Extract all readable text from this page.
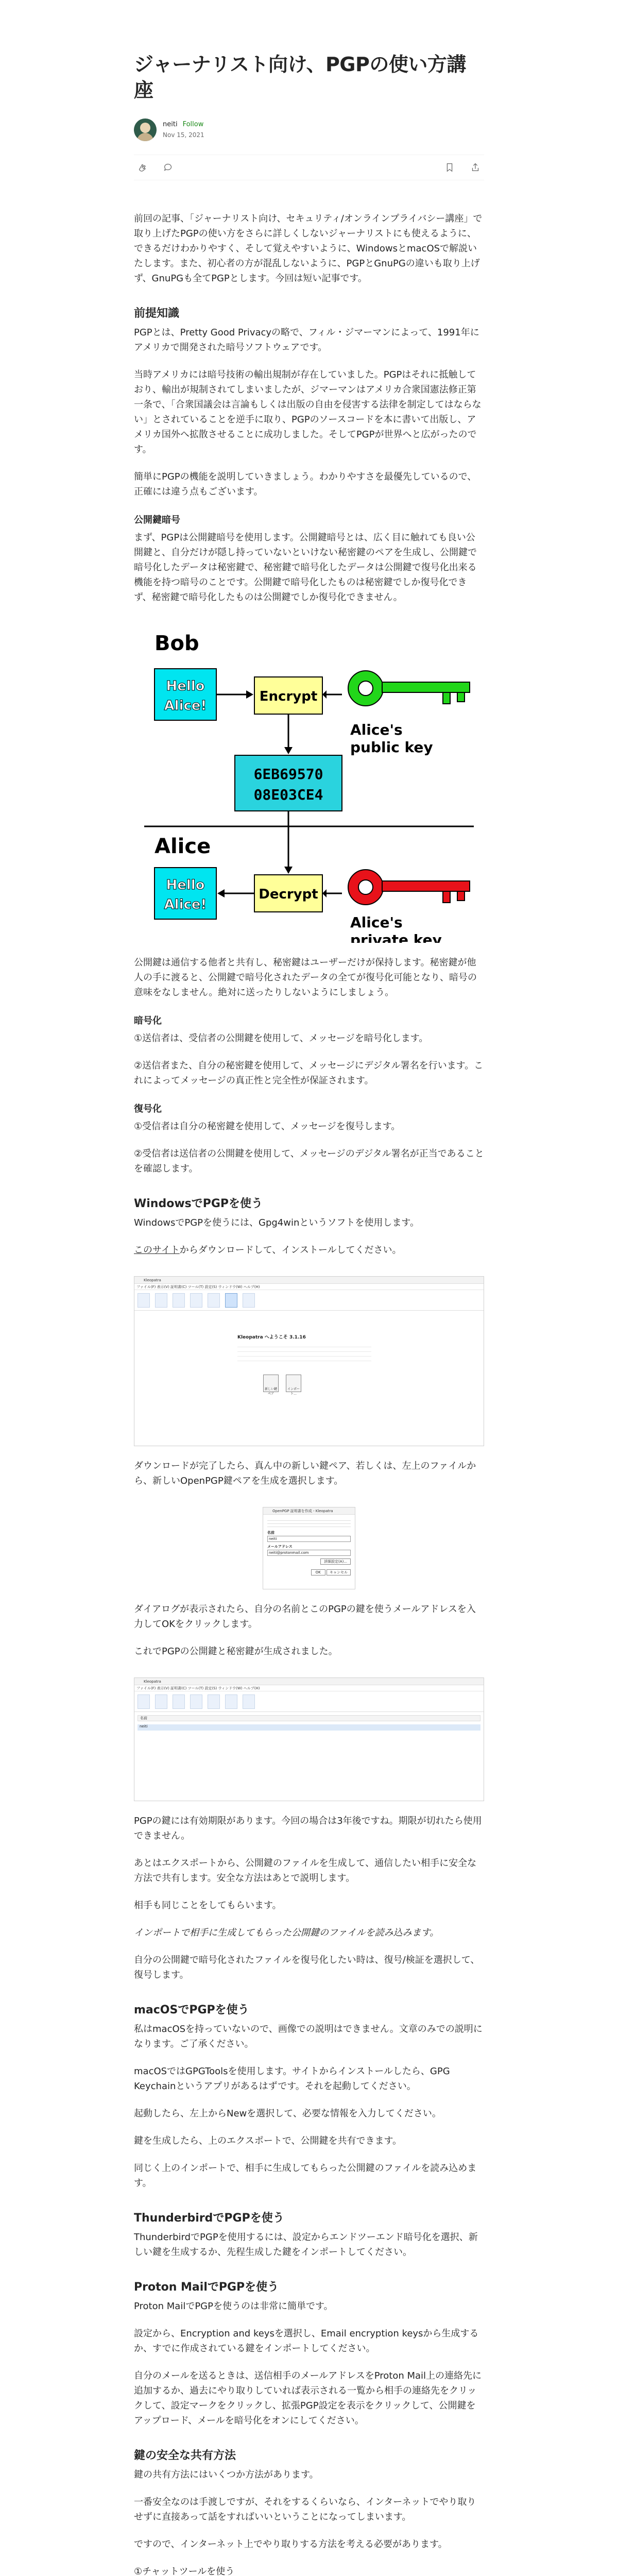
ジャーナリスト向け、PGPの使い方講座
neiti Follow
Nov 15, 2021

前回の記事、「ジャーナリスト向け、セキュリティ/オンラインプライバシー講座」で取り上げたPGPの使い方をさらに詳しくしないジャーナリストにも使えるように、できるだけわかりやすく、そして覚えやすいように、WindowsとmacOSで解説いたします。また、初心者の方が混乱しないように、PGPとGnuPGの違いも取り上げず、GnuPGも全てPGPとします。今回は短い記事です。

前提知識

PGPとは、Pretty Good Privacyの略で、フィル・ジマーマンによって、1991年にアメリカで開発された暗号ソフトウェアです。

当時アメリカには暗号技術の輸出規制が存在していました。PGPはそれに抵触しており、輸出が規制されてしまいましたが、ジマーマンはアメリカ合衆国憲法修正第一条で、「合衆国議会は言論もしくは出版の自由を侵害する法律を制定してはならない」とされていることを逆手に取り、PGPのソースコードを本に書いて出版し、アメリカ国外へ拡散させることに成功しました。そしてPGPが世界へと広がったのです。

簡単にPGPの機能を説明していきましょう。わかりやすさを最優先しているので、正確には違う点もございます。

公開鍵暗号

まず、PGPは公開鍵暗号を使用します。公開鍵暗号とは、広く目に触れても良い公開鍵と、自分だけが隠し持っていないといけない秘密鍵のペアを生成し、公開鍵で暗号化したデータは秘密鍵で、秘密鍵で暗号化したデータは公開鍵で復号化出来る機能を持つ暗号のことです。公開鍵で暗号化したものは秘密鍵でしか復号化できず、秘密鍵で暗号化したものは公開鍵でしか復号化できません。

Bob
Hello
Alice!
Encrypt
Alice's
public key
6EB69570
08E03CE4
Alice
Hello
Alice!
Decrypt
Alice's
private key

公開鍵は通信する他者と共有し、秘密鍵はユーザーだけが保持します。秘密鍵が他人の手に渡ると、公開鍵で暗号化されたデータの全てが復号化可能となり、暗号の意味をなしません。絶対に送ったりしないようにしましょう。

暗号化

①送信者は、受信者の公開鍵を使用して、メッセージを暗号化します。

②送信者また、自分の秘密鍵を使用して、メッセージにデジタル署名を行います。これによってメッセージの真正性と完全性が保証されます。

復号化

①受信者は自分の秘密鍵を使用して、メッセージを復号します。

②受信者は送信者の公開鍵を使用して、メッセージのデジタル署名が正当であることを確認します。

WindowsでPGPを使う

WindowsでPGPを使うには、Gpg4winというソフトを使用します。

このサイトからダウンロードして、インストールしてください。

Kleopatra
ファイル(F) 表示(V) 証明書(C) ツール(T) 設定(S) ウィンドウ(W) ヘルプ(H)
Kleopatra へようこそ 3.1.16
新しい鍵ペア
インポート...

ダウンロードが完了したら、真ん中の新しい鍵ペア、若しくは、左上のファイルから、新しいOpenPGP鍵ペアを生成を選択します。

OpenPGP 証明書を作成 - Kleopatra
名前
neiti
メールアドレス
neiti@protonmail.com
詳細設定(A)...
OK キャンセル

ダイアログが表示されたら、自分の名前とこのPGPの鍵を使うメールアドレスを入力してOKをクリックします。

これでPGPの公開鍵と秘密鍵が生成されました。

Kleopatra
ファイル(F) 表示(V) 証明書(C) ツール(T) 設定(S) ウィンドウ(W) ヘルプ(H)
名前
neiti

PGPの鍵には有効期限があります。今回の場合は3年後ですね。期限が切れたら使用できません。

あとはエクスポートから、公開鍵のファイルを生成して、通信したい相手に安全な方法で共有します。安全な方法はあとで説明します。

相手も同じことをしてもらいます。

インポートで相手に生成してもらった公開鍵のファイルを読み込みます。

自分の公開鍵で暗号化されたファイルを復号化したい時は、復号/検証を選択して、復号します。

macOSでPGPを使う

私はmacOSを持っていないので、画像での説明はできません。文章のみでの説明になります。ご了承ください。

macOSではGPGToolsを使用します。サイトからインストールしたら、GPG Keychainというアプリがあるはずです。それを起動してください。

起動したら、左上からNewを選択して、必要な情報を入力してください。

鍵を生成したら、上のエクスポートで、公開鍵を共有できます。

同じく上のインポートで、相手に生成してもらった公開鍵のファイルを読み込めます。

ThunderbirdでPGPを使う

ThunderbirdでPGPを使用するには、設定からエンドツーエンド暗号化を選択、新しい鍵を生成するか、先程生成した鍵をインポートしてください。

Proton MailでPGPを使う

Proton MailでPGPを使うのは非常に簡単です。

設定から、Encryption and keysを選択し、Email encryption keysから生成するか、すでに作成されている鍵をインポートしてください。

自分のメールを送るときは、送信相手のメールアドレスをProton Mail上の連絡先に追加するか、過去にやり取りしていれば表示される一覧から相手の連絡先をクリックして、設定マークをクリックし、拡張PGP設定を表示をクリックして、公開鍵をアップロード、メールを暗号化をオンにしてください。

鍵の安全な共有方法

鍵の共有方法にはいくつか方法があります。

一番安全なのは手渡しですが、それをするくらいなら、インターネットでやり取りせずに直接あって話をすればいいということになってしまいます。

ですので、インターネット上でやり取りする方法を考える必要があります。

①チャットツールを使う
